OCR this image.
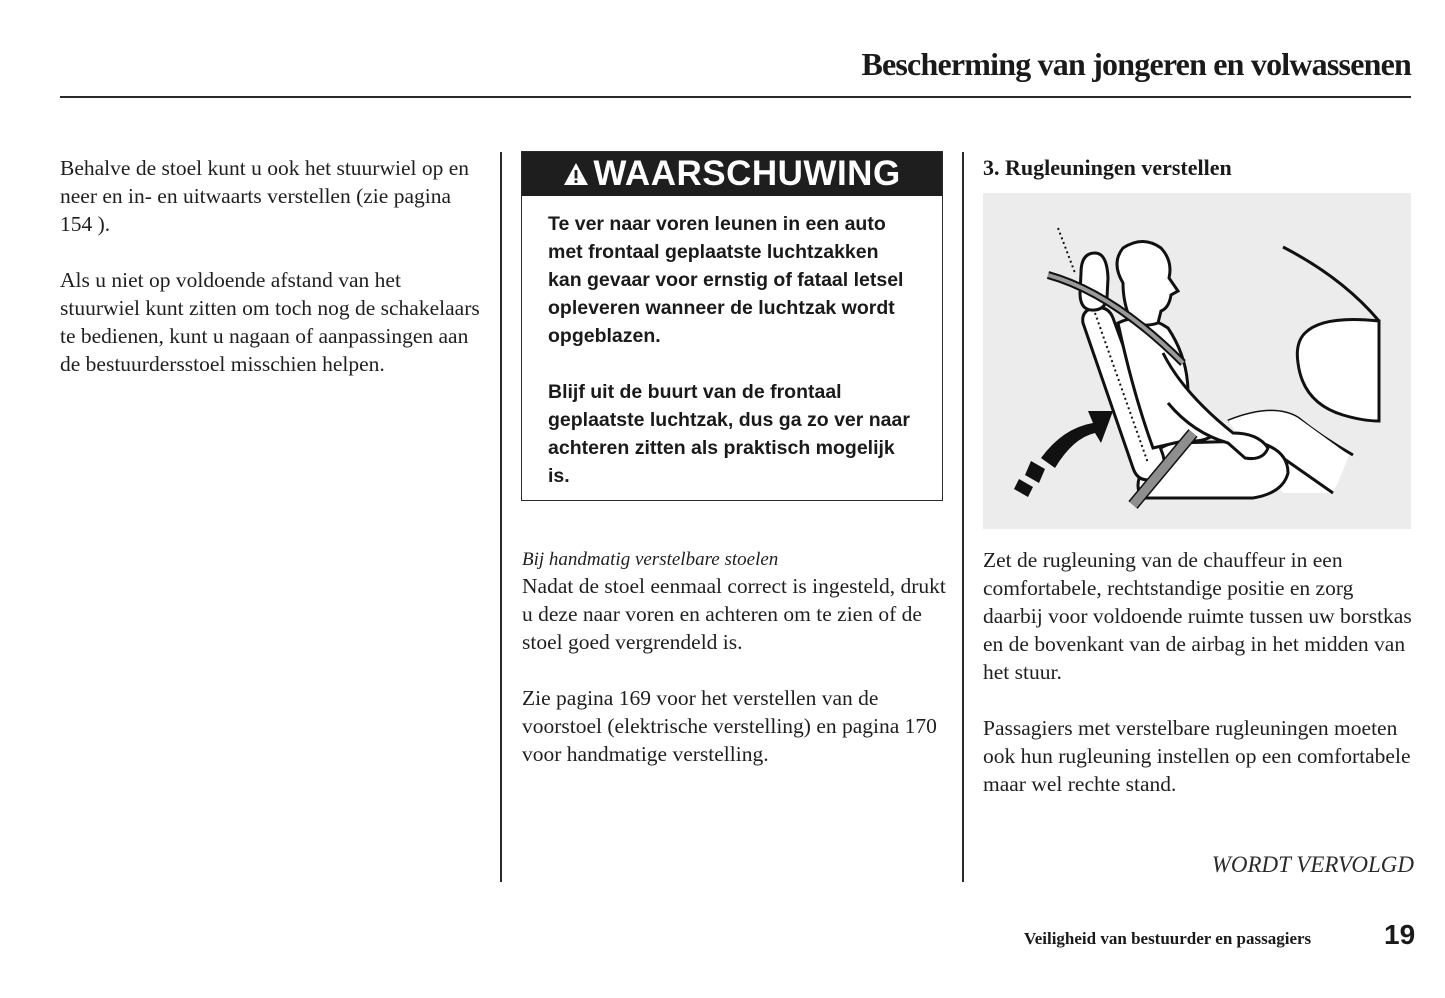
Bescherming van jongeren en volwassenen

Behalve de stoel kunt u ook het stuurwiel op en neer en in- en uitwaarts verstellen (zie pagina 154 ).

Als u niet op voldoende afstand van het stuurwiel kunt zitten om toch nog de schakelaars te bedienen, kunt u nagaan of aanpassingen aan de bestuurdersstoel misschien helpen.

WAARSCHUWING

Te ver naar voren leunen in een auto met frontaal geplaatste luchtzakken kan gevaar voor ernstig of fataal letsel opleveren wanneer de luchtzak wordt opgeblazen.

Blijf uit de buurt van de frontaal geplaatste luchtzak, dus ga zo ver naar achteren zitten als praktisch mogelijk is.

Bij handmatig verstelbare stoelen

Nadat de stoel eenmaal correct is ingesteld, drukt u deze naar voren en achteren om te zien of de stoel goed vergrendeld is.

Zie pagina 169 voor het verstellen van de voorstoel (elektrische verstelling) en pagina 170 voor handmatige verstelling.

3. Rugleuningen verstellen

Zet de rugleuning van de chauffeur in een comfortabele, rechtstandige positie en zorg daarbij voor voldoende ruimte tussen uw borstkas en de bovenkant van de airbag in het midden van het stuur.

Passagiers met verstelbare rugleuningen moeten ook hun rugleuning instellen op een comfortabele maar wel rechte stand.

WORDT VERVOLGD
Veiligheid van bestuurder en passagiers	19
